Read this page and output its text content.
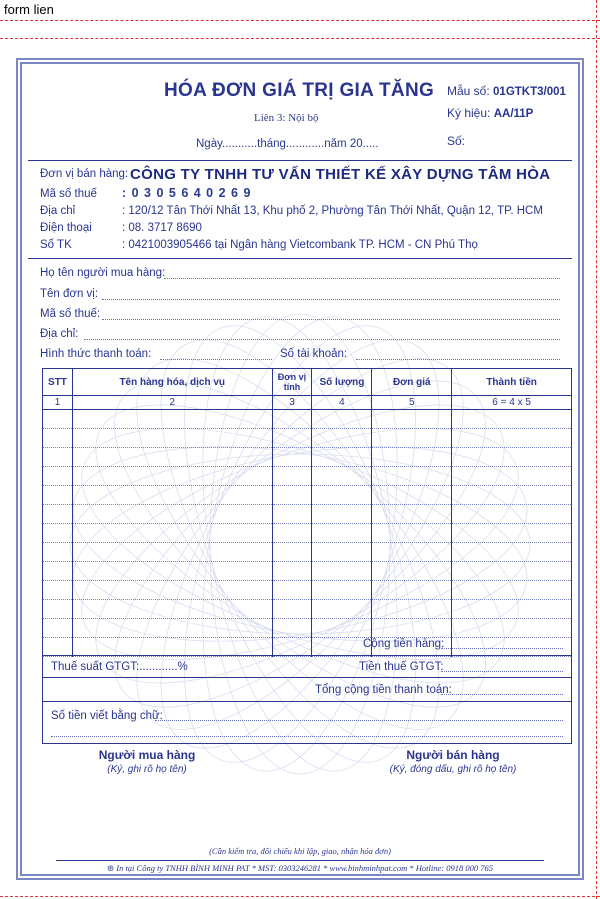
form lien
HÓA ĐƠN GIÁ TRỊ GIA TĂNG
Liên 3: Nội bộ
Ngày...........tháng............năm 20.....
Mẫu số: 01GTKT3/001
Ký hiệu: AA/11P
Số:
Đơn vị bán hàng: CÔNG TY TNHH TƯ VẤN THIẾT KẾ XÂY DỰNG TÂM HÒA
Mã số thuế : 0 3 0 5 6 4 0 2 6 9
Địa chỉ	: 120/12 Tân Thới Nhất 13, Khu phố 2, Phường Tân Thới Nhất, Quận 12, TP. HCM
Điện thoại	: 08. 3717 8690
Số TK	: 0421003905466 tại Ngân hàng Vietcombank TP. HCM - CN Phú Thọ
Họ tên người mua hàng:
Tên đơn vị:
Mã số thuế:
Địa chỉ:
Hình thức thanh toán:	Số tài khoản:
STT	Tên hàng hóa, dịch vụ	Đơn vị tính	Số lượng	Đơn giá	Thành tiền
1	2	3	4	5	6 = 4 x 5

Cộng tiền hàng:
Thuế suất GTGT:............%	Tiền thuế GTGT:
Tổng cộng tiền thanh toán:
Số tiền viết bằng chữ:
Người mua hàng
(Ký, ghi rõ họ tên)
Người bán hàng
(Ký, đóng dấu, ghi rõ họ tên)
(Cần kiểm tra, đối chiếu khi lập, giao, nhận hóa đơn)
⊛ In tại Công ty TNHH BÌNH MINH PAT * MST: 0303246281 * www.binhminhpat.com * Hotline: 0918 000 765
